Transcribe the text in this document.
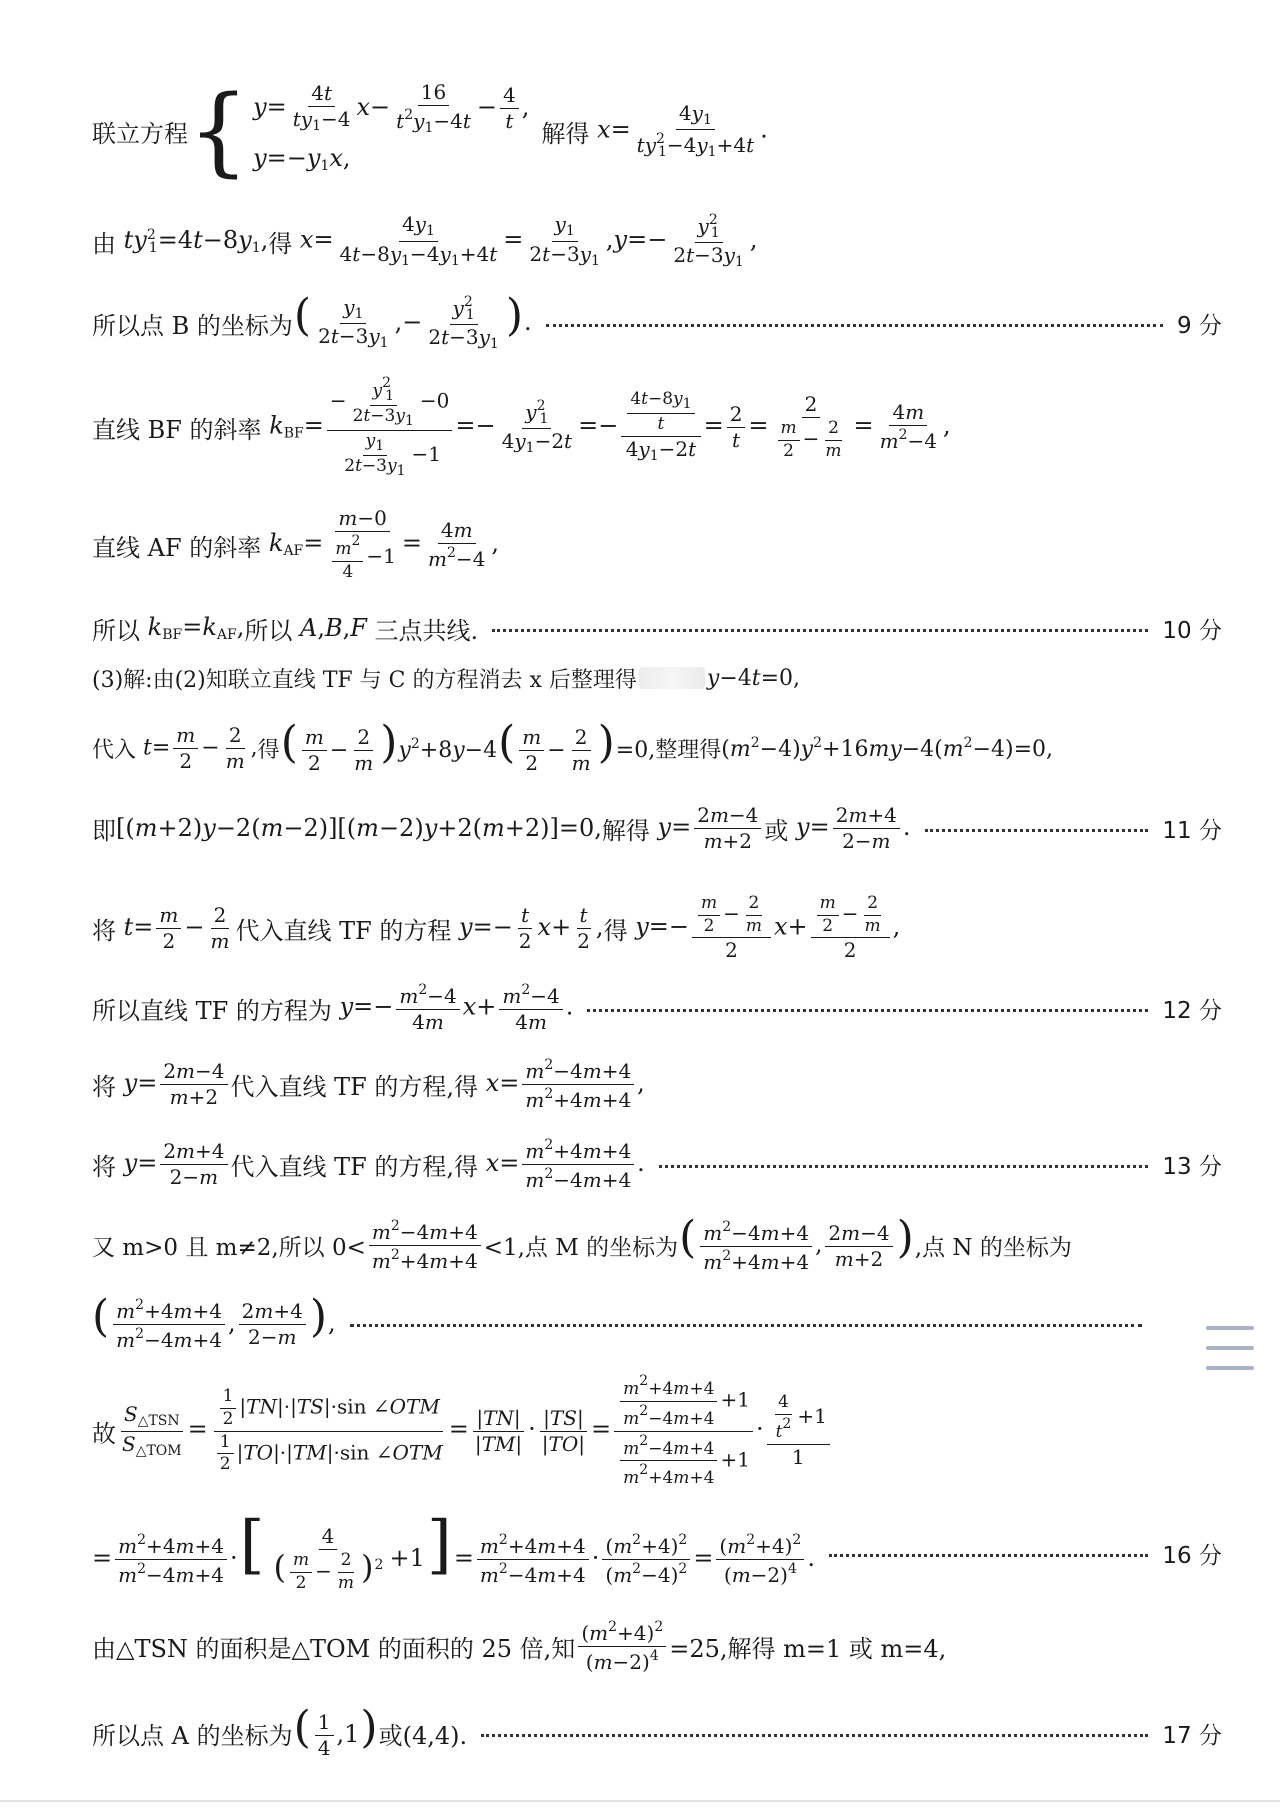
联立方程 { $y= \frac{4t}{ty_1-4} x- \frac{16}{t^2y_1-4t} - \frac{4}{t}$ ,
$y=-y_1x$,
解得 $x= \frac{4y_1}{ty^2_1-4y_1+4t}$ .
由 $ty^2_1=4t-8y_1$, 得 $x= \frac{4y_1}{4t-8y_1-4y_1+4t} = \frac{y_1}{2t-3y_1} ,y=- \frac{y^2_1}{2t-3y_1}$ ,
所以点 B 的坐标为 ( $\frac{y_1}{2t-3y_1}$ ,− $\frac{y^2_1}{2t-3y_1}$ ).	9 分
直线 BF 的斜率 $k_{BF}= \frac{- \frac{y^2_1}{2t-3y_1} -0}{\frac{y_1}{2t-3y_1} -1} =- \frac{y^2_1}{4y_1-2t} =- \frac{\frac{4t-8y_1}{t}}{4y_1-2t} = \frac{2}{t} = \frac{2}{\frac{m}{2} - \frac{2}{m}} = \frac{4m}{m^2-4}$ ,
直线 AF 的斜率 $k_{AF}= \frac{m-0}{\frac{m^2}{4} -1} = \frac{4m}{m^2-4}$ ,
所以 $k_{BF}=k_{AF}$, 所以 A,B,F 三点共线.	10 分
(3)解:由(2)知联立直线 TF 与 C 的方程消去 x 后整理得	y−4t=0,
代入 $t= \frac{m}{2} - \frac{2}{m}$ , 得 ( $\frac{m}{2} - \frac{2}{m} )y^2+8y-4( \frac{m}{2} - \frac{2}{m} )=0$, 整理得 $(m^2-4)y^2+16my-4(m^2-4)=0$,
即 [(m+2)y−2(m−2)][(m−2)y+2(m+2)]=0, 解得 $y= \frac{2m-4}{m+2}$ 或 $y= \frac{2m+4}{2-m}$ .	11 分
将 $t= \frac{m}{2} - \frac{2}{m}$ 代入直线 TF 的方程 $y=- \frac{t}{2} x+ \frac{t}{2}$ , 得 $y=- \frac{\frac{m}{2} - \frac{2}{m}}{2} x+ \frac{\frac{m}{2} - \frac{2}{m}}{2}$ ,
所以直线 TF 的方程为 $y=- \frac{m^2-4}{4m} x+ \frac{m^2-4}{4m}$ .	12 分
将 $y= \frac{2m-4}{m+2}$ 代入直线 TF 的方程,得 $x= \frac{m^2-4m+4}{m^2+4m+4}$ ,
将 $y= \frac{2m+4}{2-m}$ 代入直线 TF 的方程,得 $x= \frac{m^2+4m+4}{m^2-4m+4}$ .	13 分
又 m>0 且 m≠2,所以 $0< \frac{m^2-4m+4}{m^2+4m+4} <1$,点 M 的坐标为 ( $\frac{m^2-4m+4}{m^2+4m+4}$ , $\frac{2m-4}{m+2}$ ) ,点 N 的坐标为
( $\frac{m^2+4m+4}{m^2-4m+4}$ , $\frac{2m+4}{2-m}$ ),
故 $\frac{S_{\triangle TSN}}{S_{\triangle TOM}} = \frac{\frac{1}{2} |TN|\cdot|TS|\cdot\sin \angle OTM}{\frac{1}{2} |TO|\cdot|TM|\cdot\sin \angle OTM} = \frac{|TN|}{|TM|} \cdot \frac{|TS|}{|TO|} = \frac{\frac{m^2+4m+4}{m^2-4m+4} +1}{\frac{m^2-4m+4}{m^2+4m+4} +1} \cdot \frac{\frac{4}{t^2} +1}{1}$
= $\frac{m^2+4m+4}{m^2-4m+4}$ ·[ $\frac{4}{( \frac{m}{2} - \frac{2}{m} )^2} +1]= \frac{m^2+4m+4}{m^2-4m+4} \cdot \frac{(m^2+4)^2}{(m^2-4)^2} = \frac{(m^2+4)^2}{(m-2)^4}$ .	16 分
由△TSN 的面积是△TOM 的面积的 25 倍,知 $\frac{(m^2+4)^2}{(m-2)^4} =25$,解得 m=1 或 m=4,
所以点 A 的坐标为 ( $\frac{1}{4} ,1$) 或(4,4).	17 分
